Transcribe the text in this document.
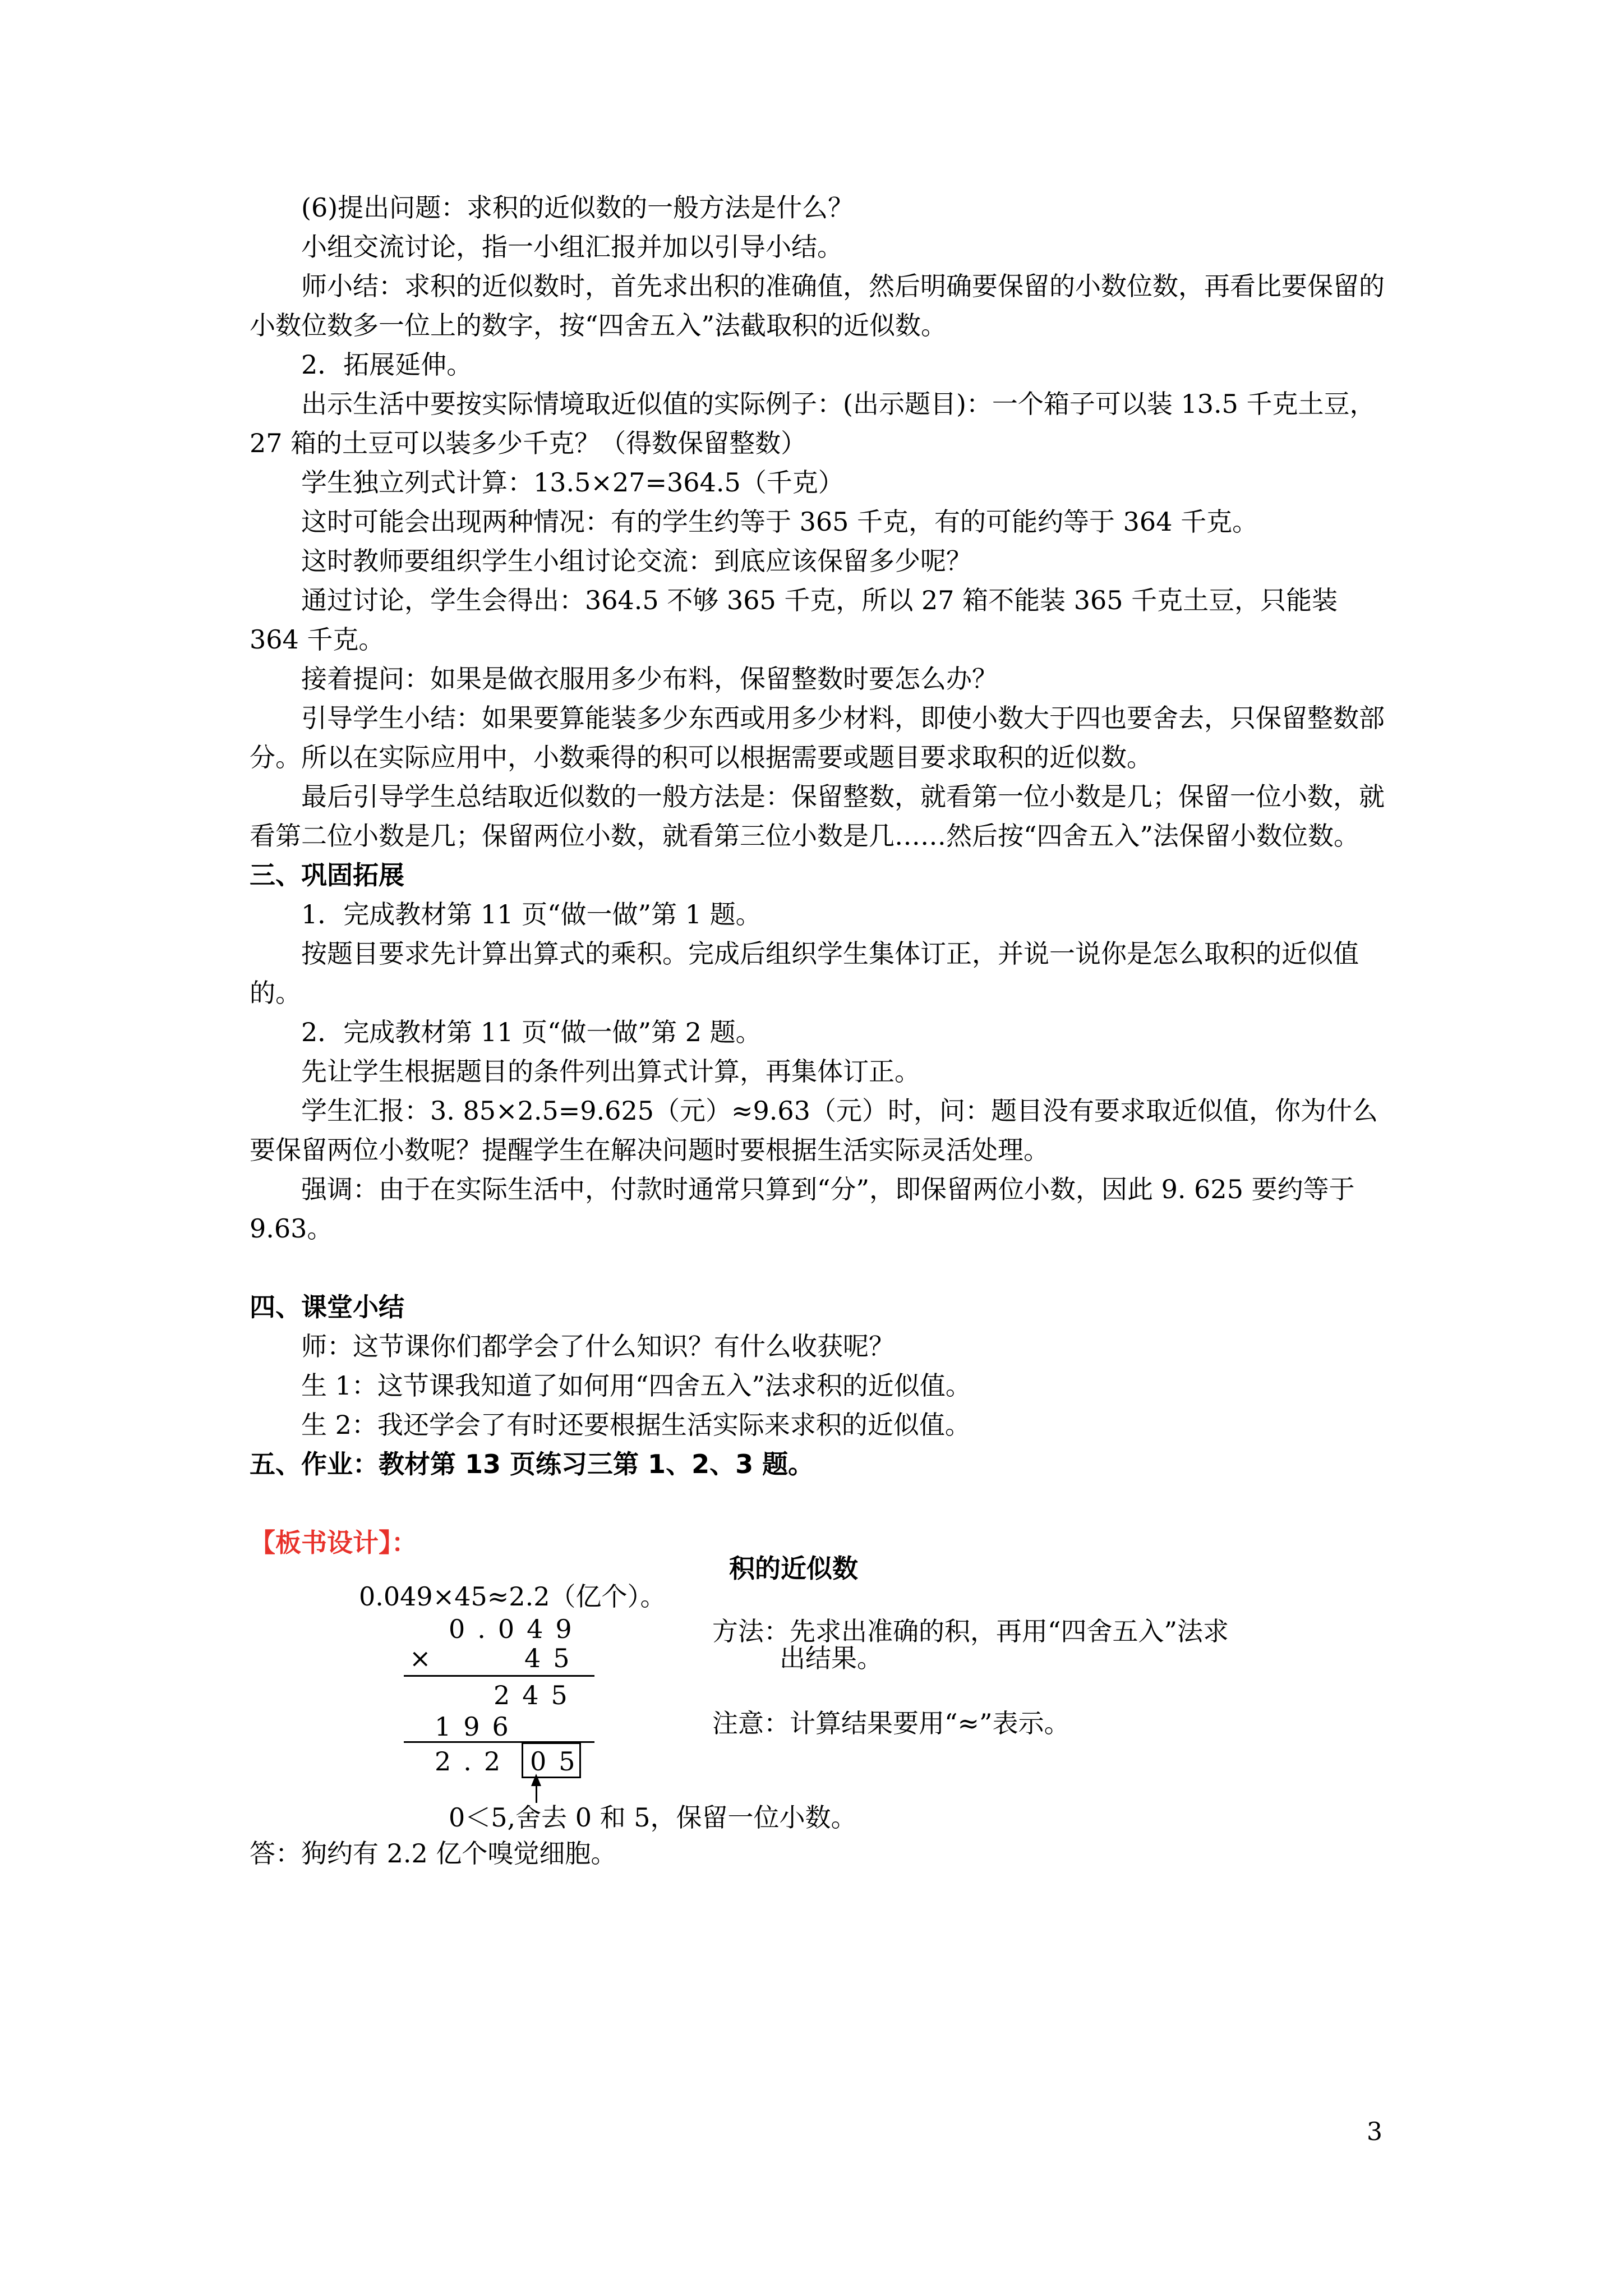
(6)提出问题：求积的近似数的一般方法是什么？
小组交流讨论，指一小组汇报并加以引导小结。
师小结：求积的近似数时，首先求出积的准确值，然后明确要保留的小数位数，再看比要保留的小数位数多一位上的数字，按“四舍五入”法截取积的近似数。
2．拓展延伸。
出示生活中要按实际情境取近似值的实际例子：(出示题目)：一个箱子可以装 13.5 千克土豆，27 箱的土豆可以装多少千克？（得数保留整数）
学生独立列式计算：13.5×27=364.5（千克）
这时可能会出现两种情况：有的学生约等于 365 千克，有的可能约等于 364 千克。
这时教师要组织学生小组讨论交流：到底应该保留多少呢？
通过讨论，学生会得出：364.5 不够 365 千克，所以 27 箱不能装 365 千克土豆，只能装 364 千克。
接着提问：如果是做衣服用多少布料，保留整数时要怎么办？
引导学生小结：如果要算能装多少东西或用多少材料，即使小数大于四也要舍去，只保留整数部分。所以在实际应用中，小数乘得的积可以根据需要或题目要求取积的近似数。
最后引导学生总结取近似数的一般方法是：保留整数，就看第一位小数是几；保留一位小数，就看第二位小数是几；保留两位小数，就看第三位小数是几……然后按“四舍五入”法保留小数位数。
三、巩固拓展
1．完成教材第 11 页“做一做”第 1 题。
按题目要求先计算出算式的乘积。完成后组织学生集体订正，并说一说你是怎么取积的近似值的。
2．完成教材第 11 页“做一做”第 2 题。
先让学生根据题目的条件列出算式计算，再集体订正。
学生汇报：3. 85×2.5=9.625（元）≈9.63（元）时，问：题目没有要求取近似值，你为什么要保留两位小数呢？提醒学生在解决问题时要根据生活实际灵活处理。
强调：由于在实际生活中，付款时通常只算到“分”，即保留两位小数，因此 9. 625 要约等于 9.63。
四、课堂小结
师：这节课你们都学会了什么知识？有什么收获呢？
生 1：这节课我知道了如何用“四舍五入”法求积的近似值。
生 2：我还学会了有时还要根据生活实际来求积的近似值。
五、作业：教材第 13 页练习三第 1、2、3 题。
【板书设计】：
积的近似数
0.049×45≈2.2（亿个）。
0.049
×	45
245
196
2.2 05
0＜5,舍去 0 和 5，保留一位小数。
方法：先求出准确的积，再用“四舍五入”法求
出结果。
注意：计算结果要用“≈”表示。
答：狗约有 2.2 亿个嗅觉细胞。
3
